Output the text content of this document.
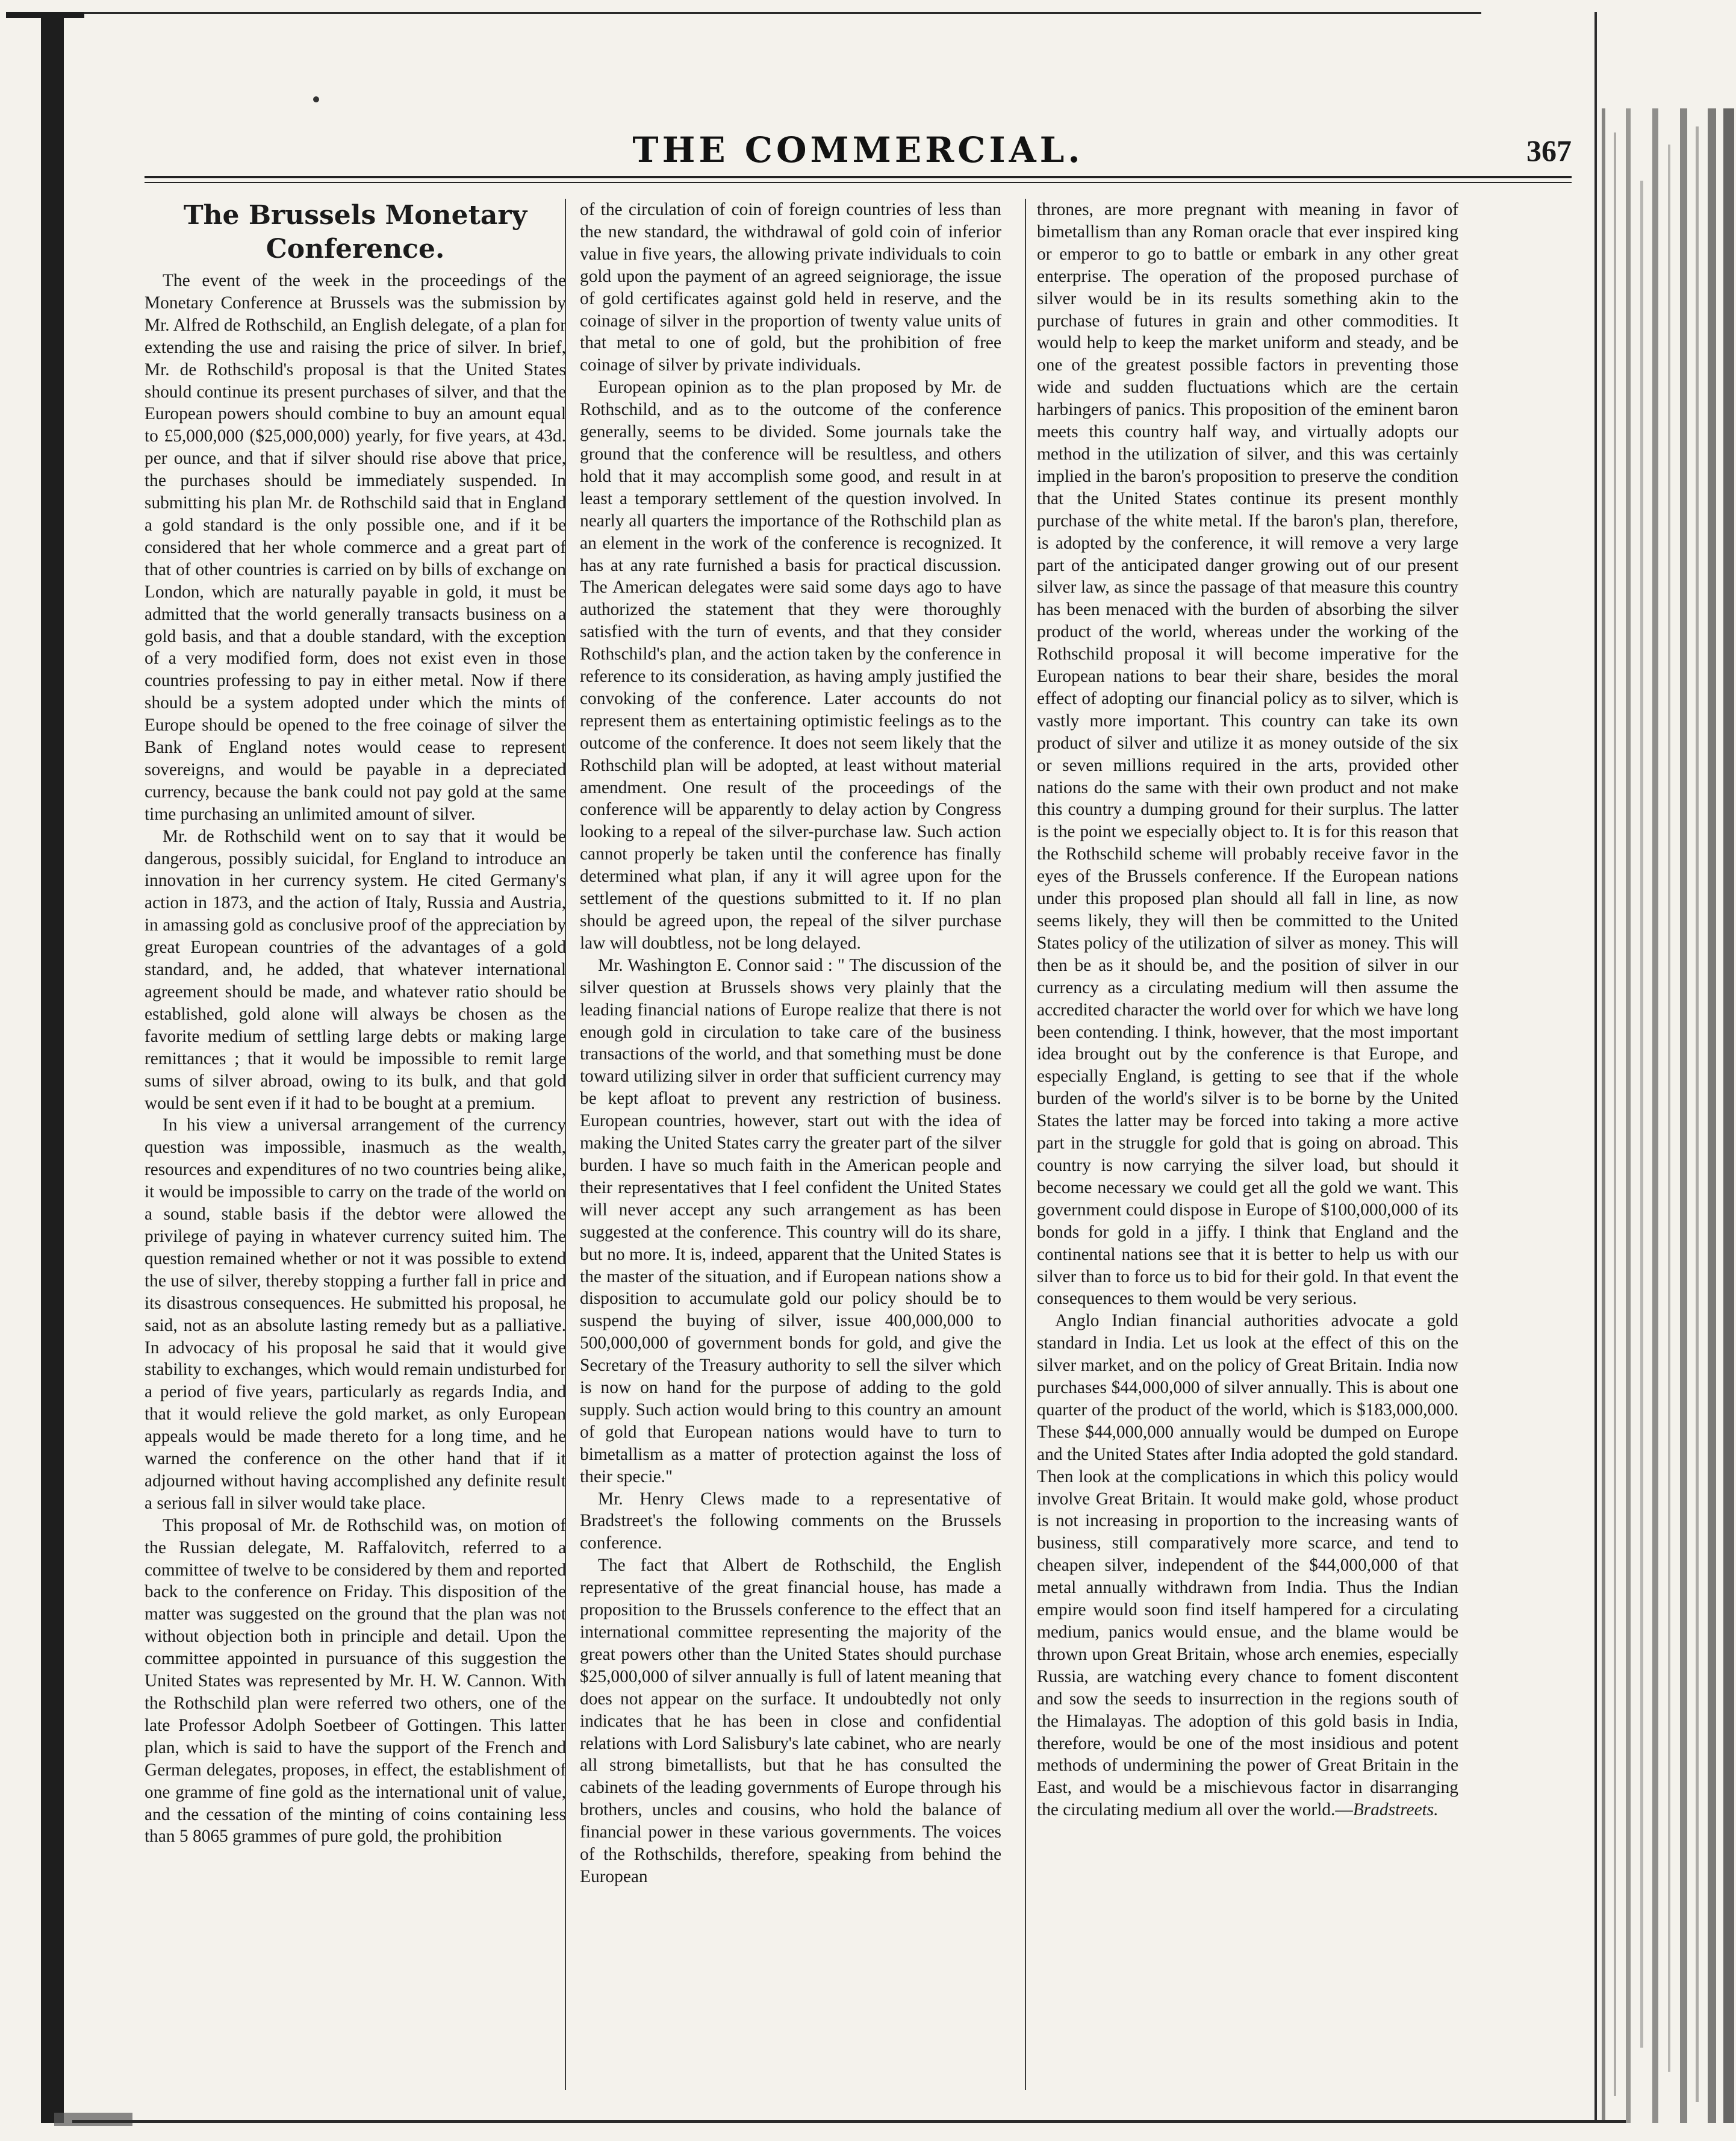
THE COMMERCIAL.	367
The Brussels Monetary Conference.

The event of the week in the proceedings of the Monetary Conference at Brussels was the submission by Mr. Alfred de Rothschild, an English delegate, of a plan for extending the use and raising the price of silver. In brief, Mr. de Rothschild's proposal is that the United States should continue its present purchases of silver, and that the European powers should combine to buy an amount equal to £5,000,000 ($25,000,000) yearly, for five years, at 43d. per ounce, and that if silver should rise above that price, the purchases should be immediately suspended. In submitting his plan Mr. de Rothschild said that in England a gold standard is the only possible one, and if it be considered that her whole commerce and a great part of that of other countries is carried on by bills of exchange on London, which are naturally payable in gold, it must be admitted that the world generally transacts business on a gold basis, and that a double standard, with the exception of a very modified form, does not exist even in those countries professing to pay in either metal. Now if there should be a system adopted under which the mints of Europe should be opened to the free coinage of silver the Bank of England notes would cease to represent sovereigns, and would be payable in a depreciated currency, because the bank could not pay gold at the same time purchasing an unlimited amount of silver.

Mr. de Rothschild went on to say that it would be dangerous, possibly suicidal, for England to introduce an innovation in her currency system. He cited Germany's action in 1873, and the action of Italy, Russia and Austria, in amassing gold as conclusive proof of the appreciation by great European countries of the advantages of a gold standard, and, he added, that whatever international agreement should be made, and whatever ratio should be established, gold alone will always be chosen as the favorite medium of settling large debts or making large remittances ; that it would be impossible to remit large sums of silver abroad, owing to its bulk, and that gold would be sent even if it had to be bought at a premium.

In his view a universal arrangement of the currency question was impossible, inasmuch as the wealth, resources and expenditures of no two countries being alike, it would be impossible to carry on the trade of the world on a sound, stable basis if the debtor were allowed the privilege of paying in whatever currency suited him. The question remained whether or not it was possible to extend the use of silver, thereby stopping a further fall in price and its disastrous consequences. He submitted his proposal, he said, not as an absolute lasting remedy but as a palliative. In advocacy of his proposal he said that it would give stability to exchanges, which would remain undisturbed for a period of five years, particularly as regards India, and that it would relieve the gold market, as only European appeals would be made thereto for a long time, and he warned the conference on the other hand that if it adjourned without having accomplished any definite result a serious fall in silver would take place.

This proposal of Mr. de Rothschild was, on motion of the Russian delegate, M. Raffalovitch, referred to a committee of twelve to be considered by them and reported back to the conference on Friday. This disposition of the matter was suggested on the ground that the plan was not without objection both in principle and detail. Upon the committee appointed in pursuance of this suggestion the United States was represented by Mr. H. W. Cannon. With the Rothschild plan were referred two others, one of the late Professor Adolph Soetbeer of Gottingen. This latter plan, which is said to have the support of the French and German delegates, proposes, in effect, the establishment of one gramme of fine gold as the international unit of value, and the cessation of the minting of coins containing less than 5 8065 grammes of pure gold, the prohibition

of the circulation of coin of foreign countries of less than the new standard, the withdrawal of gold coin of inferior value in five years, the allowing private individuals to coin gold upon the payment of an agreed seigniorage, the issue of gold certificates against gold held in reserve, and the coinage of silver in the proportion of twenty value units of that metal to one of gold, but the prohibition of free coinage of silver by private individuals.

European opinion as to the plan proposed by Mr. de Rothschild, and as to the outcome of the conference generally, seems to be divided. Some journals take the ground that the conference will be resultless, and others hold that it may accomplish some good, and result in at least a temporary settlement of the question involved. In nearly all quarters the importance of the Rothschild plan as an element in the work of the conference is recognized. It has at any rate furnished a basis for practical discussion. The American delegates were said some days ago to have authorized the statement that they were thoroughly satisfied with the turn of events, and that they consider Rothschild's plan, and the action taken by the conference in reference to its consideration, as having amply justified the convoking of the conference. Later accounts do not represent them as entertaining optimistic feelings as to the outcome of the conference. It does not seem likely that the Rothschild plan will be adopted, at least without material amendment. One result of the proceedings of the conference will be apparently to delay action by Congress looking to a repeal of the silver-purchase law. Such action cannot properly be taken until the conference has finally determined what plan, if any it will agree upon for the settlement of the questions submitted to it. If no plan should be agreed upon, the repeal of the silver purchase law will doubtless, not be long delayed.

Mr. Washington E. Connor said : " The discussion of the silver question at Brussels shows very plainly that the leading financial nations of Europe realize that there is not enough gold in circulation to take care of the business transactions of the world, and that something must be done toward utilizing silver in order that sufficient currency may be kept afloat to prevent any restriction of business. European countries, however, start out with the idea of making the United States carry the greater part of the silver burden. I have so much faith in the American people and their representatives that I feel confident the United States will never accept any such arrangement as has been suggested at the conference. This country will do its share, but no more. It is, indeed, apparent that the United States is the master of the situation, and if European nations show a disposition to accumulate gold our policy should be to suspend the buying of silver, issue 400,000,000 to 500,000,000 of government bonds for gold, and give the Secretary of the Treasury authority to sell the silver which is now on hand for the purpose of adding to the gold supply. Such action would bring to this country an amount of gold that European nations would have to turn to bimetallism as a matter of protection against the loss of their specie."

Mr. Henry Clews made to a representative of Bradstreet's the following comments on the Brussels conference.

The fact that Albert de Rothschild, the English representative of the great financial house, has made a proposition to the Brussels conference to the effect that an international committee representing the majority of the great powers other than the United States should purchase $25,000,000 of silver annually is full of latent meaning that does not appear on the surface. It undoubtedly not only indicates that he has been in close and confidential relations with Lord Salisbury's late cabinet, who are nearly all strong bimetallists, but that he has consulted the cabinets of the leading governments of Europe through his brothers, uncles and cousins, who hold the balance of financial power in these various governments. The voices of the Rothschilds, therefore, speaking from behind the European

thrones, are more pregnant with meaning in favor of bimetallism than any Roman oracle that ever inspired king or emperor to go to battle or embark in any other great enterprise. The operation of the proposed purchase of silver would be in its results something akin to the purchase of futures in grain and other commodities. It would help to keep the market uniform and steady, and be one of the greatest possible factors in preventing those wide and sudden fluctuations which are the certain harbingers of panics. This proposition of the eminent baron meets this country half way, and virtually adopts our method in the utilization of silver, and this was certainly implied in the baron's proposition to preserve the condition that the United States continue its present monthly purchase of the white metal. If the baron's plan, therefore, is adopted by the conference, it will remove a very large part of the anticipated danger growing out of our present silver law, as since the passage of that measure this country has been menaced with the burden of absorbing the silver product of the world, whereas under the working of the Rothschild proposal it will become imperative for the European nations to bear their share, besides the moral effect of adopting our financial policy as to silver, which is vastly more important. This country can take its own product of silver and utilize it as money outside of the six or seven millions required in the arts, provided other nations do the same with their own product and not make this country a dumping ground for their surplus. The latter is the point we especially object to. It is for this reason that the Rothschild scheme will probably receive favor in the eyes of the Brussels conference. If the European nations under this proposed plan should all fall in line, as now seems likely, they will then be committed to the United States policy of the utilization of silver as money. This will then be as it should be, and the position of silver in our currency as a circulating medium will then assume the accredited character the world over for which we have long been contending. I think, however, that the most important idea brought out by the conference is that Europe, and especially England, is getting to see that if the whole burden of the world's silver is to be borne by the United States the latter may be forced into taking a more active part in the struggle for gold that is going on abroad. This country is now carrying the silver load, but should it become necessary we could get all the gold we want. This government could dispose in Europe of $100,000,000 of its bonds for gold in a jiffy. I think that England and the continental nations see that it is better to help us with our silver than to force us to bid for their gold. In that event the consequences to them would be very serious.

Anglo Indian financial authorities advocate a gold standard in India. Let us look at the effect of this on the silver market, and on the policy of Great Britain. India now purchases $44,000,000 of silver annually. This is about one quarter of the product of the world, which is $183,000,000. These $44,000,000 annually would be dumped on Europe and the United States after India adopted the gold standard. Then look at the complications in which this policy would involve Great Britain. It would make gold, whose product is not increasing in proportion to the increasing wants of business, still comparatively more scarce, and tend to cheapen silver, independent of the $44,000,000 of that metal annually withdrawn from India. Thus the Indian empire would soon find itself hampered for a circulating medium, panics would ensue, and the blame would be thrown upon Great Britain, whose arch enemies, especially Russia, are watching every chance to foment discontent and sow the seeds to insurrection in the regions south of the Himalayas. The adoption of this gold basis in India, therefore, would be one of the most insidious and potent methods of undermining the power of Great Britain in the East, and would be a mischievous factor in disarranging the circulating medium all over the world.—Bradstreets.
